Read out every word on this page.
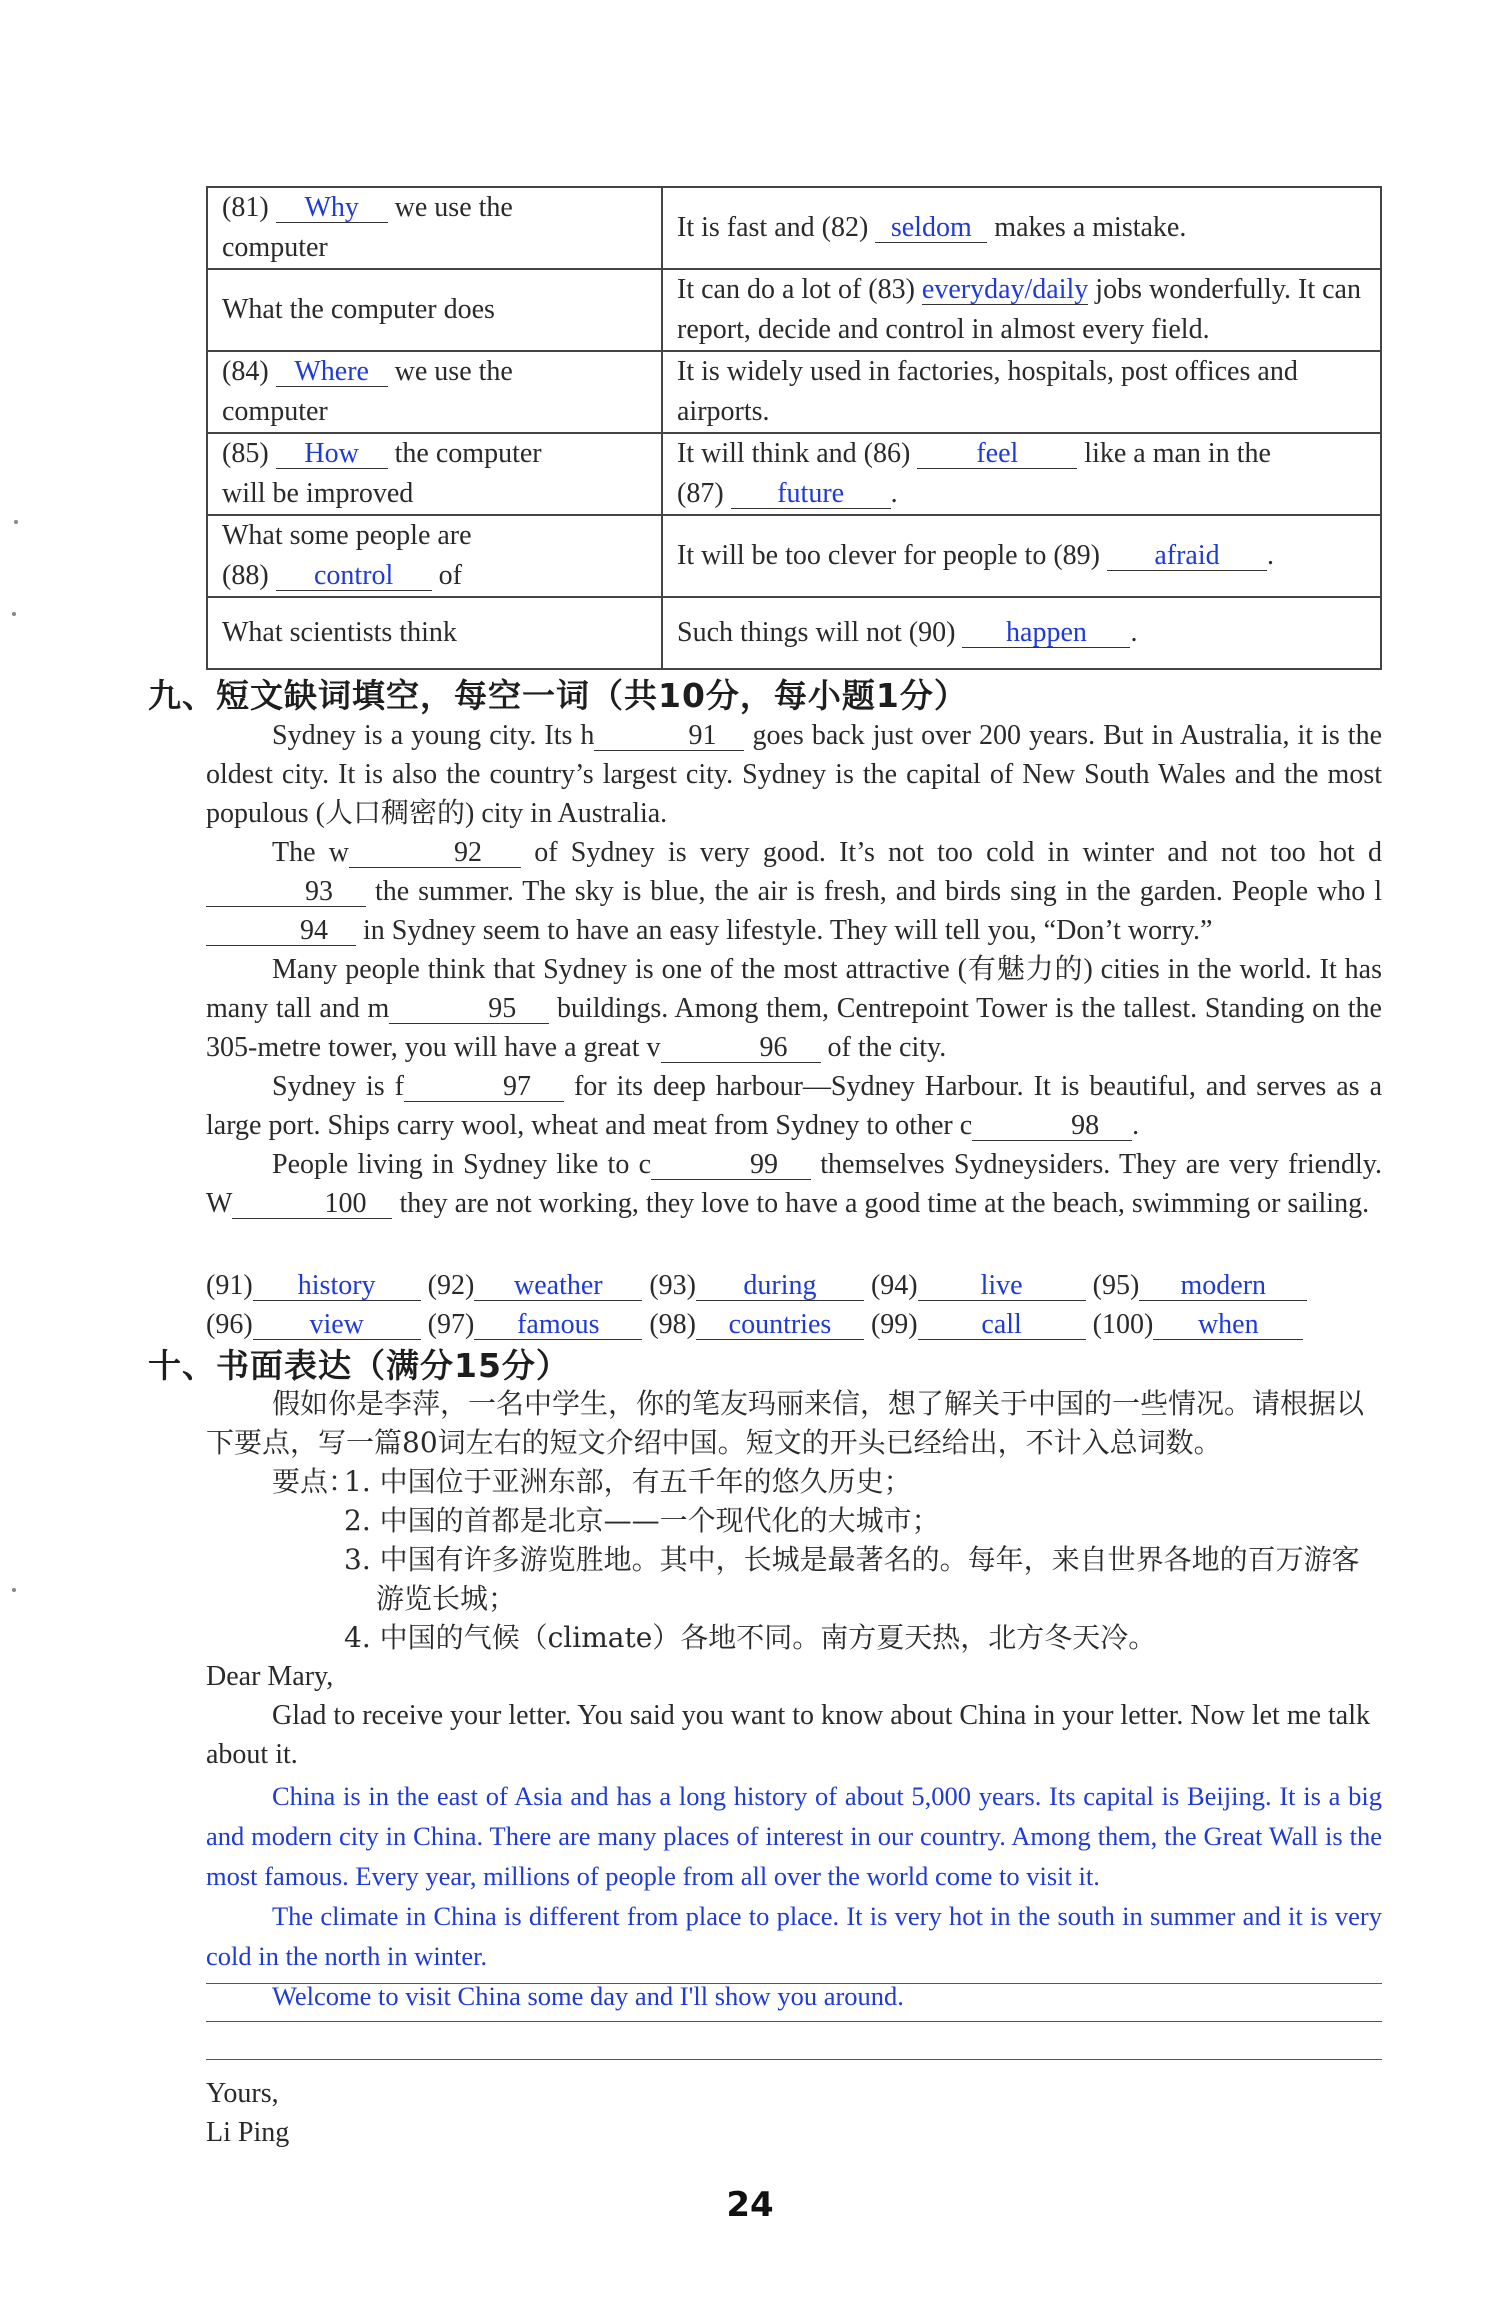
(81) Why we use the
computer	It is fast and (82) seldom makes a mistake.
What the computer does	It can do a lot of (83) everyday/daily jobs wonderfully. It can report, decide and control in almost every field.
(84) Where we use the
computer	It is widely used in factories, hospitals, post offices and airports.
(85) How the computer
will be improved	It will think and (86) feel like a man in the
(87) future .
What some people are
(88) control of	It will be too clever for people to (89) afraid .
What scientists think	Such things will not (90) happen .
九、短文缺词填空，每空一词（共10分，每小题1分）

Sydney is a young city. Its h	91 goes back just over 200 years. But in Australia, it is the oldest city. It is also the country’s largest city. Sydney is the capital of New South Wales and the most populous (人口稠密的) city in Australia.

The w	92 of Sydney is very good. It’s not too cold in winter and not too hot d93 the summer. The sky is blue, the air is fresh, and birds sing in the garden. People who l94 in Sydney seem to have an easy lifestyle. They will tell you, “Don’t worry.”

Many people think that Sydney is one of the most attractive (有魅力的) cities in the world. It has many tall and m	95 buildings. Among them, Centrepoint Tower is the tallest. Standing on the 305-metre tower, you will have a great v	96 of the city.

Sydney is f	97 for its deep harbour—Sydney Harbour. It is beautiful, and serves as a large port. Ships carry wool, wheat and meat from Sydney to other c	98 .

People living in Sydney like to c	99 themselves Sydneysiders. They are very friendly. W	100 they are not working, they love to have a good time at the beach, swimming or sailing.

(91) history (92) weather (93) during (94) live	(95) modern
(96) view (97) famous (98) countries (99) call	(100) when
十、书面表达（满分15分）
假如你是李萍，一名中学生，你的笔友玛丽来信，想了解关于中国的一些情况。请根据以
下要点，写一篇80词左右的短文介绍中国。短文的开头已经给出，不计入总词数。
要点：
1. 中国位于亚洲东部，有五千年的悠久历史；
2. 中国的首都是北京——一个现代化的大城市；
3. 中国有许多游览胜地。其中，长城是最著名的。每年，来自世界各地的百万游客
游览长城；
4. 中国的气候（climate）各地不同。南方夏天热，北方冬天冷。
Dear Mary,
Glad to receive your letter. You said you want to know about China in your letter. Now let me talk about it.

China is in the east of Asia and has a long history of about 5,000 years. Its capital is Beijing. It is a big and modern city in China. There are many places of interest in our country. Among them, the Great Wall is the most famous. Every year, millions of people from all over the world come to visit it.

The climate in China is different from place to place. It is very hot in the south in summer and it is very cold in the north in winter.

Welcome to visit China some day and I'll show you around.

Yours,
Li Ping
24
